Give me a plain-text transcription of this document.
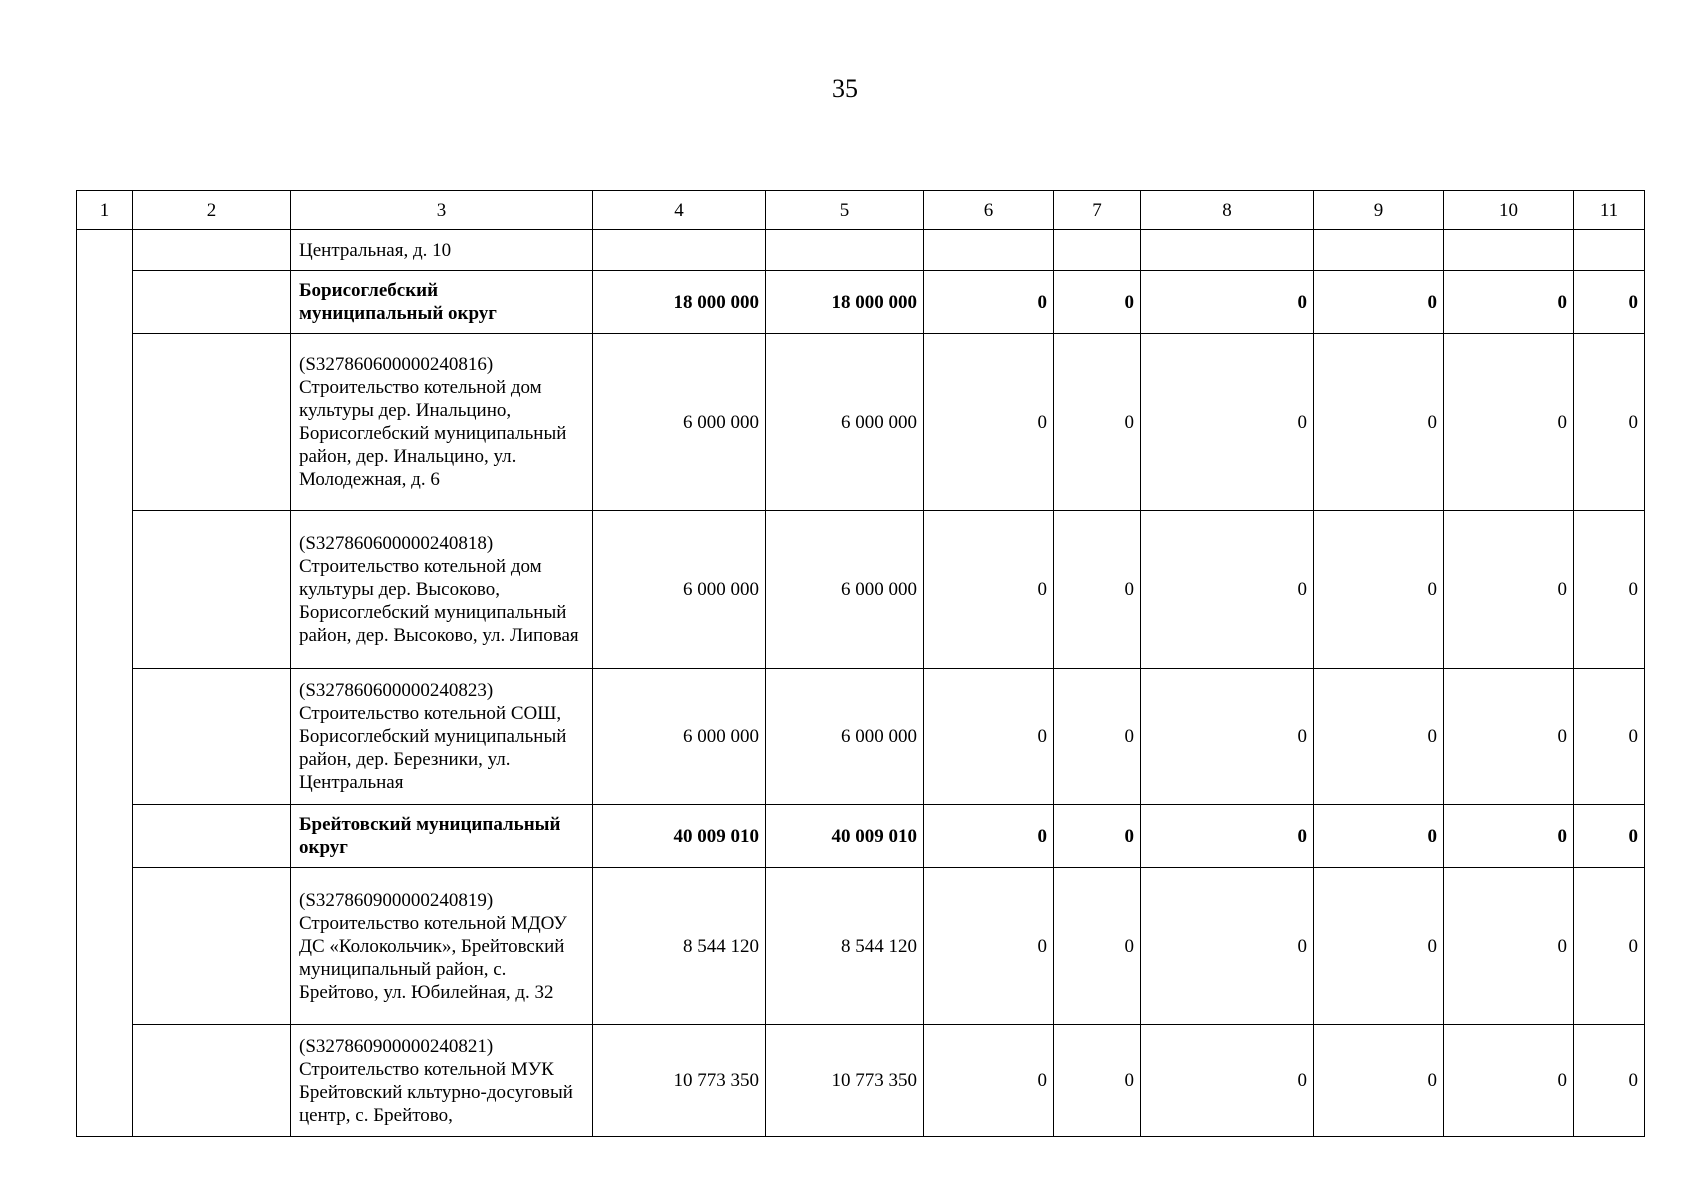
35
1	2	3	4	5	6	7	8	9	10	11
		Центральная, д. 10								
		Борисоглебский муниципальный округ	18 000 000	18 000 000	0	0	0	0	0	0
		(S327860600000240816) Строительство котельной дом культуры дер. Инальцино, Борисоглебский муниципальный район, дер. Инальцино, ул. Молодежная, д. 6	6 000 000	6 000 000	0	0	0	0	0	0
		(S327860600000240818) Строительство котельной дом культуры дер. Высоково, Борисоглебский муниципальный район, дер. Высоково, ул. Липовая	6 000 000	6 000 000	0	0	0	0	0	0
		(S327860600000240823) Строительство котельной СОШ, Борисоглебский муниципальный район, дер. Березники, ул. Центральная	6 000 000	6 000 000	0	0	0	0	0	0
		Брейтовский муниципальный округ	40 009 010	40 009 010	0	0	0	0	0	0
		(S327860900000240819) Строительство котельной МДОУ ДС «Колокольчик», Брейтовский муниципальный район, с. Брейтово, ул. Юбилейная, д. 32	8 544 120	8 544 120	0	0	0	0	0	0
		(S327860900000240821) Строительство котельной МУК Брейтовский кльтурно-досуговый центр, с. Брейтово,	10 773 350	10 773 350	0	0	0	0	0	0
